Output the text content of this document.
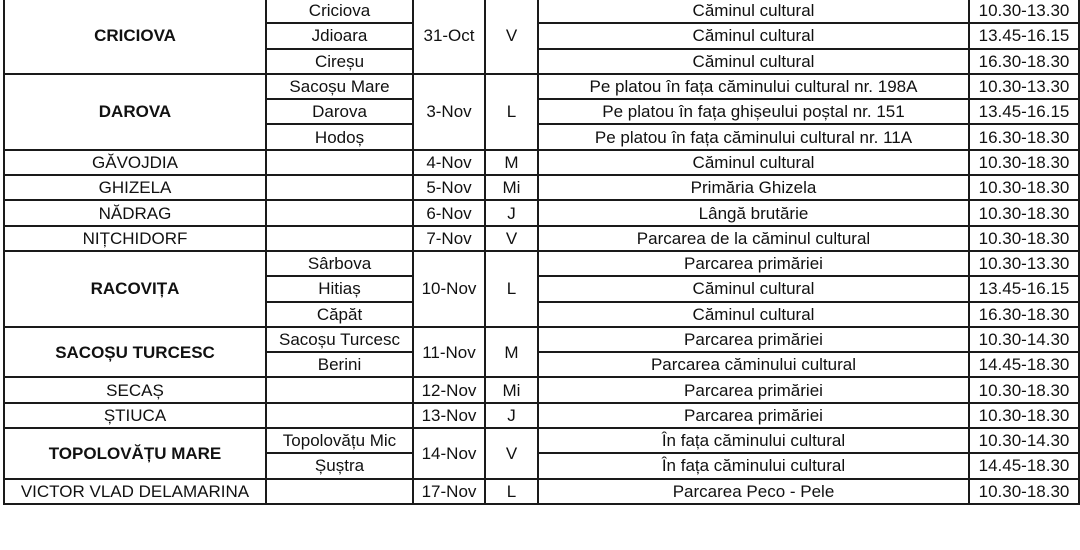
CRICIOVA	Criciova	31-Oct	V	Căminul cultural	10.30-13.30
	Jdioara			Căminul cultural	13.45-16.15
	Cireșu			Căminul cultural	16.30-18.30
DAROVA	Sacoșu Mare	3-Nov	L	Pe platou în fața căminului cultural nr. 198A	10.30-13.30
	Darova			Pe platou în fața ghișeului poștal nr. 151	13.45-16.15
	Hodoș			Pe platou în fața căminului cultural nr. 11A	16.30-18.30
GĂVOJDIA		4-Nov	M	Căminul cultural	10.30-18.30
GHIZELA		5-Nov	Mi	Primăria Ghizela	10.30-18.30
NĂDRAG		6-Nov	J	Lângă brutărie	10.30-18.30
NIȚCHIDORF		7-Nov	V	Parcarea de la căminul cultural	10.30-18.30
RACOVIȚA	Sârbova	10-Nov	L	Parcarea primăriei	10.30-13.30
	Hitiaș			Căminul cultural	13.45-16.15
	Căpăt			Căminul cultural	16.30-18.30
SACOȘU TURCESC	Sacoșu Turcesc	11-Nov	M	Parcarea primăriei	10.30-14.30
	Berini			Parcarea căminului cultural	14.45-18.30
SECAȘ		12-Nov	Mi	Parcarea primăriei	10.30-18.30
ȘTIUCA		13-Nov	J	Parcarea primăriei	10.30-18.30
TOPOLOVĂȚU MARE	Topolovățu Mic	14-Nov	V	În fața căminului cultural	10.30-14.30
	Șuștra			În fața căminului cultural	14.45-18.30
VICTOR VLAD DELAMARINA		17-Nov	L	Parcarea Peco - Pele	10.30-18.30
